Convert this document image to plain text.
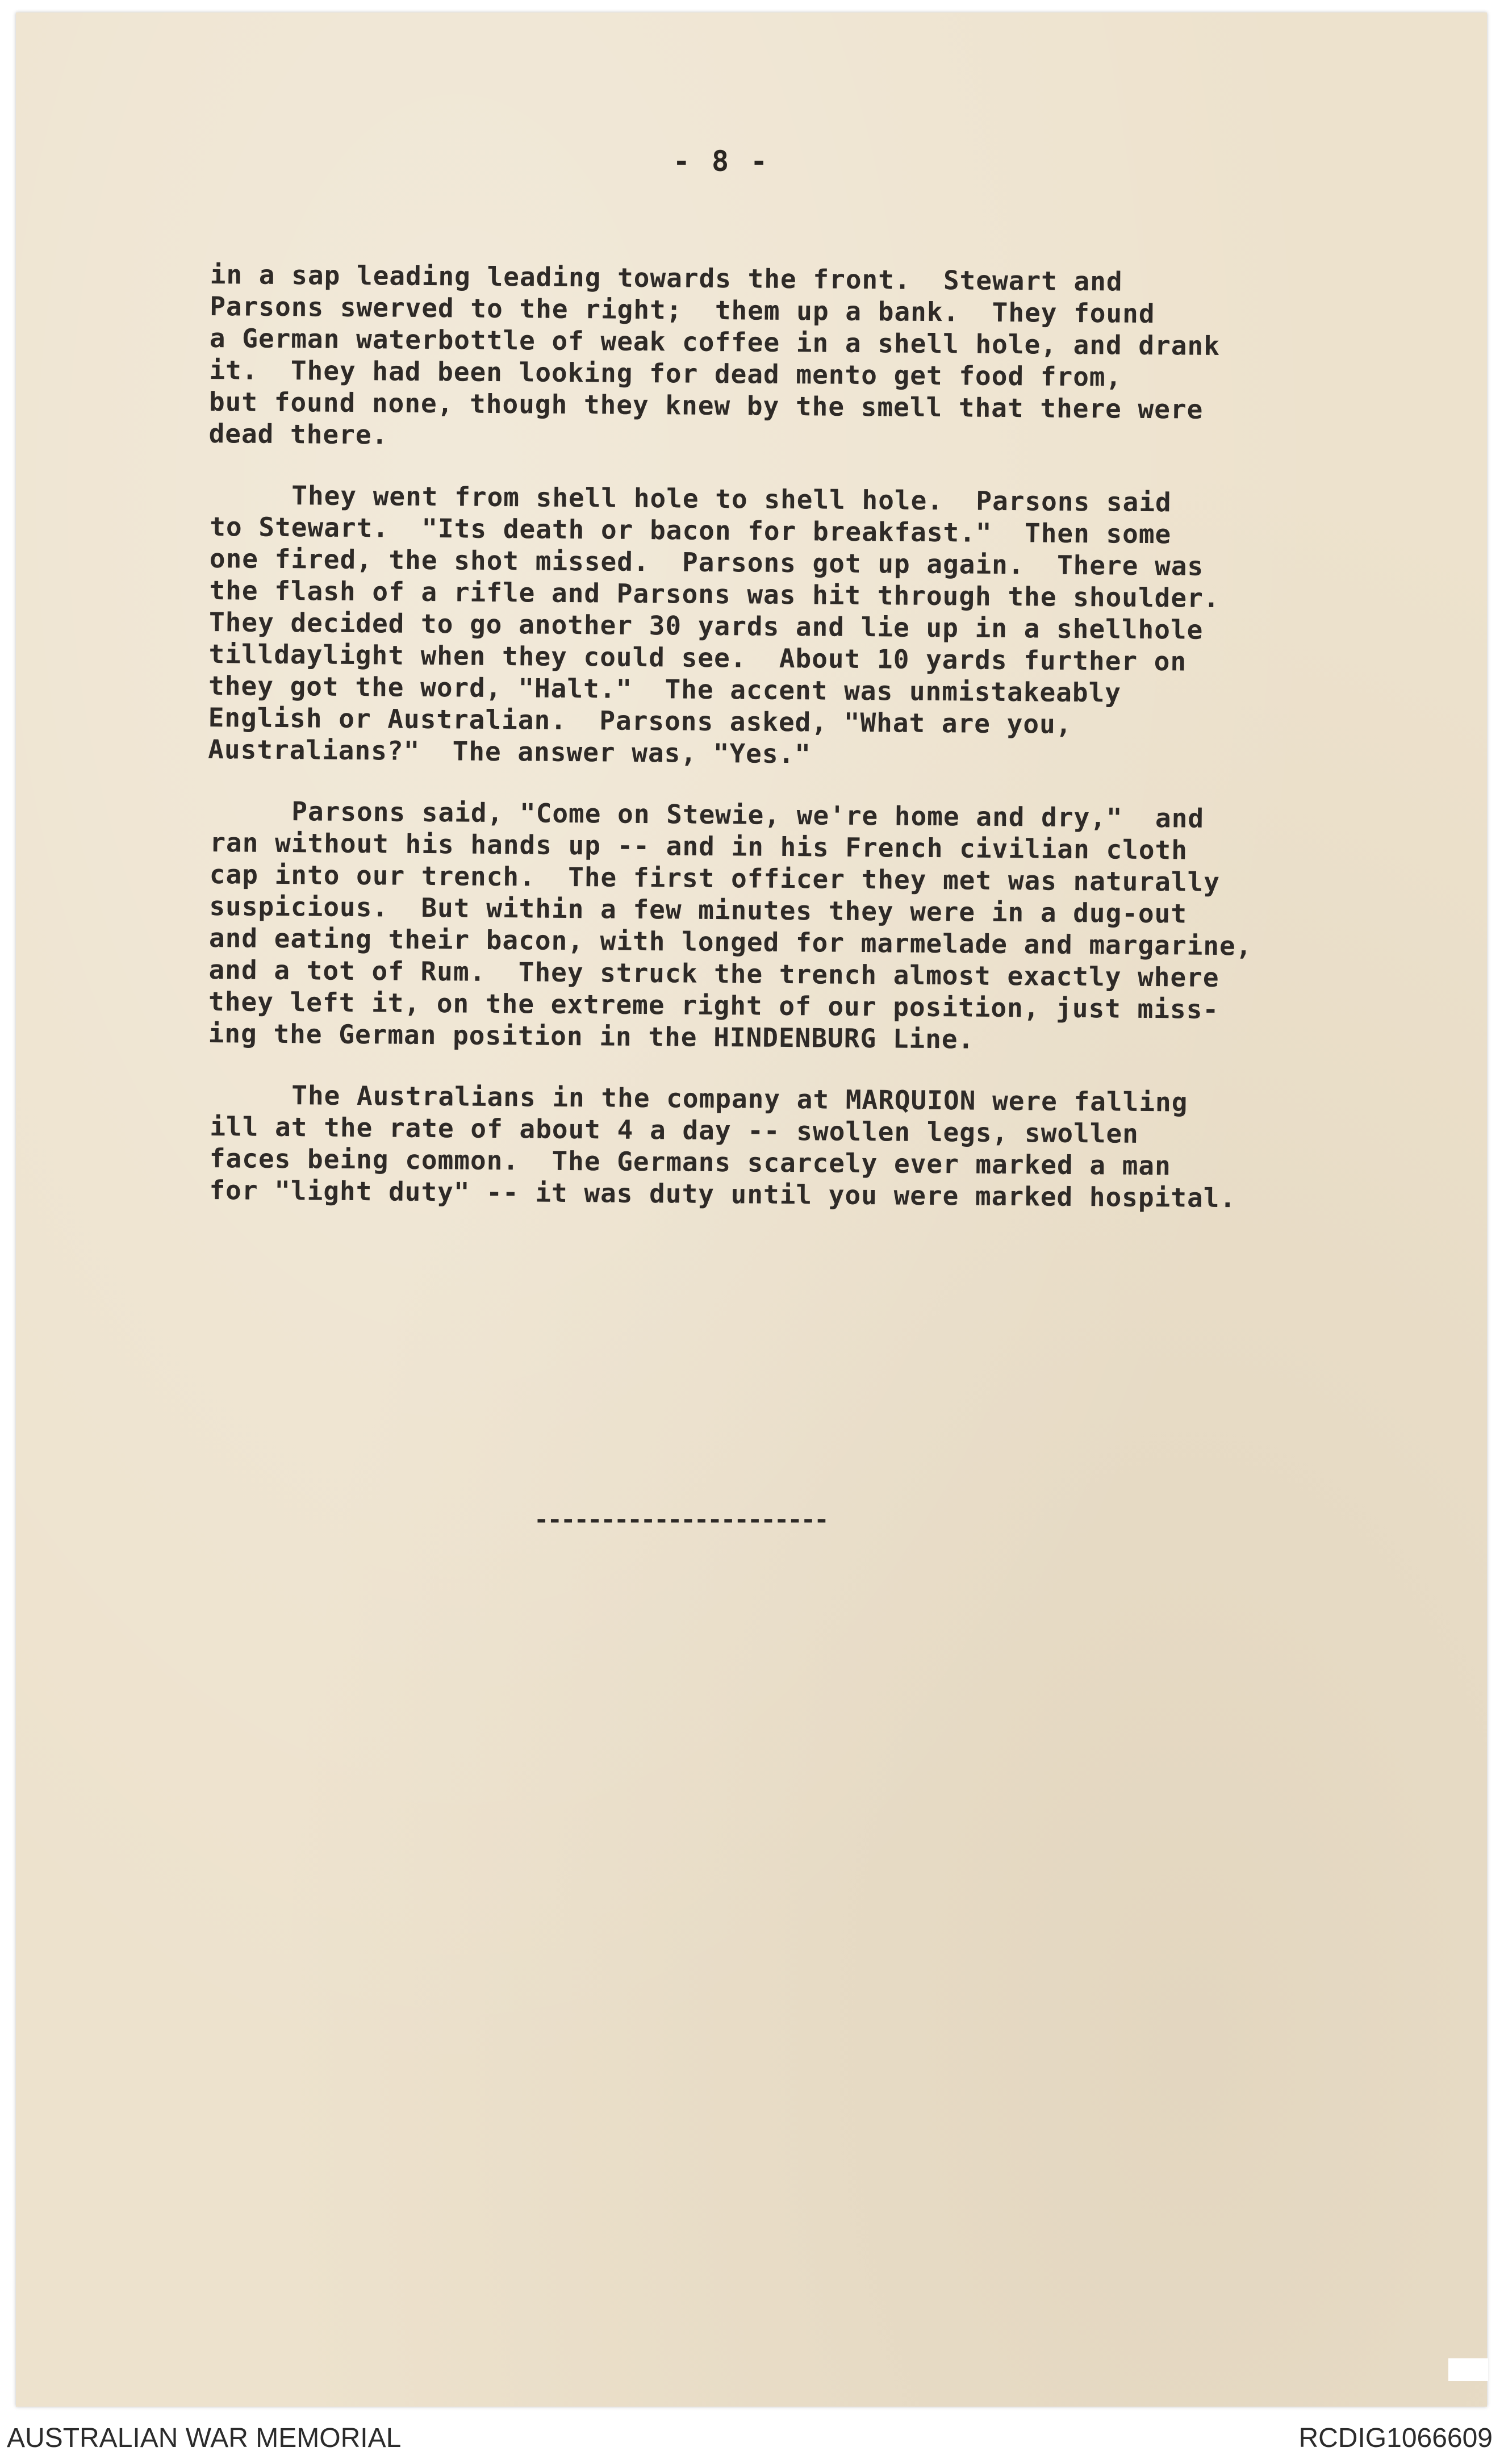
- 8 -

in a sap leading leading towards the front.  Stewart and
Parsons swerved to the right;  them up a bank.  They found
a German waterbottle of weak coffee in a shell hole, and drank
it.  They had been looking for dead mento get food from,
but found none, though they knew by the smell that there were
dead there.

They went from shell hole to shell hole.  Parsons said
to Stewart.  "Its death or bacon for breakfast."  Then some
one fired, the shot missed.  Parsons got up again.  There was
the flash of a rifle and Parsons was hit through the shoulder.
They decided to go another 30 yards and lie up in a shellhole
tilldaylight when they could see.  About 10 yards further on
they got the word, "Halt."  The accent was unmistakeably
English or Australian.  Parsons asked, "What are you,
Australians?"  The answer was, "Yes."

Parsons said, "Come on Stewie, we're home and dry,"  and
ran without his hands up -- and in his French civilian cloth
cap into our trench.  The first officer they met was naturally
suspicious.  But within a few minutes they were in a dug-out
and eating their bacon, with longed for marmelade and margarine,
and a tot of Rum.  They struck the trench almost exactly where
they left it, on the extreme right of our position, just miss-
ing the German position in the HINDENBURG Line.

The Australians in the company at MARQUION were falling
ill at the rate of about 4 a day -- swollen legs, swollen
faces being common.  The Germans scarcely ever marked a man
for "light duty" -- it was duty until you were marked hospital.

----------------------
AUSTRALIAN WAR MEMORIAL	RCDIG1066609
